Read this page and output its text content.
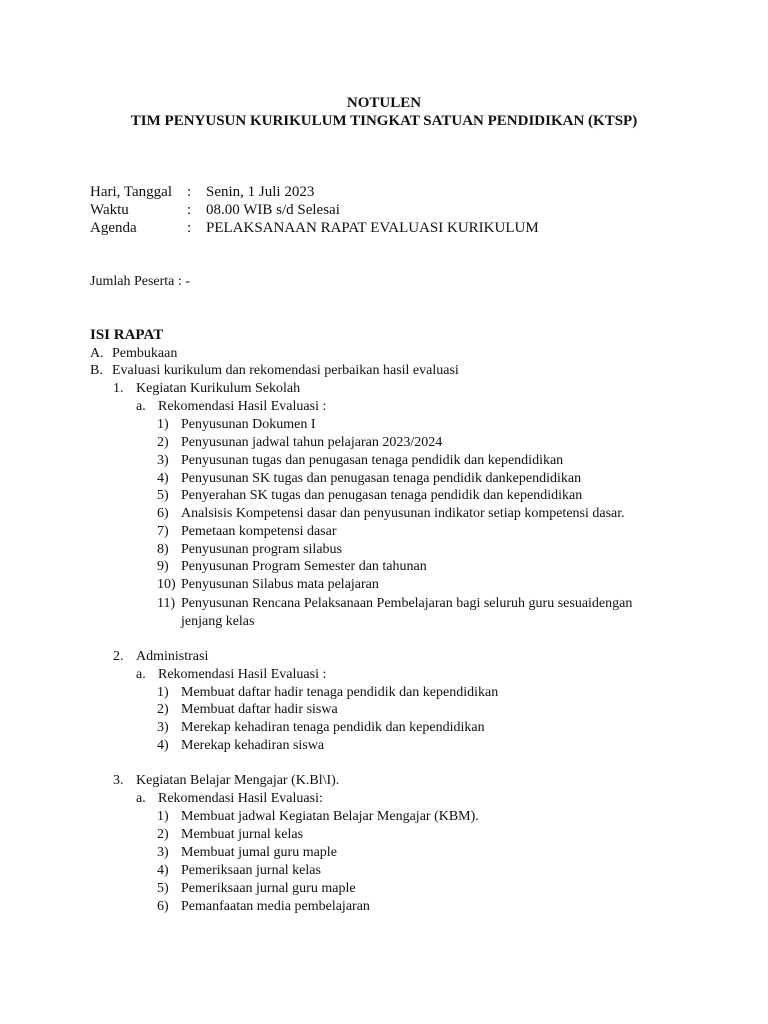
NOTULEN
TIM PENYUSUN KURIKULUM TINGKAT SATUAN PENDIDIKAN (KTSP)
Hari, Tanggal : Senin, 1 Juli 2023
Waktu	: 08.00 WIB s/d Selesai
Agenda	: PELAKSANAAN RAPAT EVALUASI KURIKULUM
Jumlah Peserta : -
ISI RAPAT
A. Pembukaan
B. Evaluasi kurikulum dan rekomendasi perbaikan hasil evaluasi
1. Kegiatan Kurikulum Sekolah
a. Rekomendasi Hasil Evaluasi :
1) Penyusunan Dokumen I
2) Penyusunan jadwal tahun pelajaran 2023/2024
3) Penyusunan tugas dan penugasan tenaga pendidik dan kependidikan
4) Penyusunan SK tugas dan penugasan tenaga pendidik dankependidikan
5) Penyerahan SK tugas dan penugasan tenaga pendidik dan kependidikan
6) Analsisis Kompetensi dasar dan penyusunan indikator setiap kompetensi dasar.
7) Pemetaan kompetensi dasar
8) Penyusunan program silabus
9) Penyusunan Program Semester dan tahunan
10) Penyusunan Silabus mata pelajaran
11) Penyusunan Rencana Pelaksanaan Pembelajaran bagi seluruh guru sesuaidengan
jenjang kelas
2. Administrasi
a. Rekomendasi Hasil Evaluasi :
1) Membuat daftar hadir tenaga pendidik dan kependidikan
2) Membuat daftar hadir siswa
3) Merekap kehadiran tenaga pendidik dan kependidikan
4) Merekap kehadiran siswa
3. Kegiatan Belajar Mengajar (K.Bl\I).
a. Rekomendasi Hasil Evaluasi:
1) Membuat jadwal Kegiatan Belajar Mengajar (KBM).
2) Membuat jurnal kelas
3) Membuat jumal guru maple
4) Pemeriksaan jurnal kelas
5) Pemeriksaan jurnal guru maple
6) Pemanfaatan media pembelajaran
